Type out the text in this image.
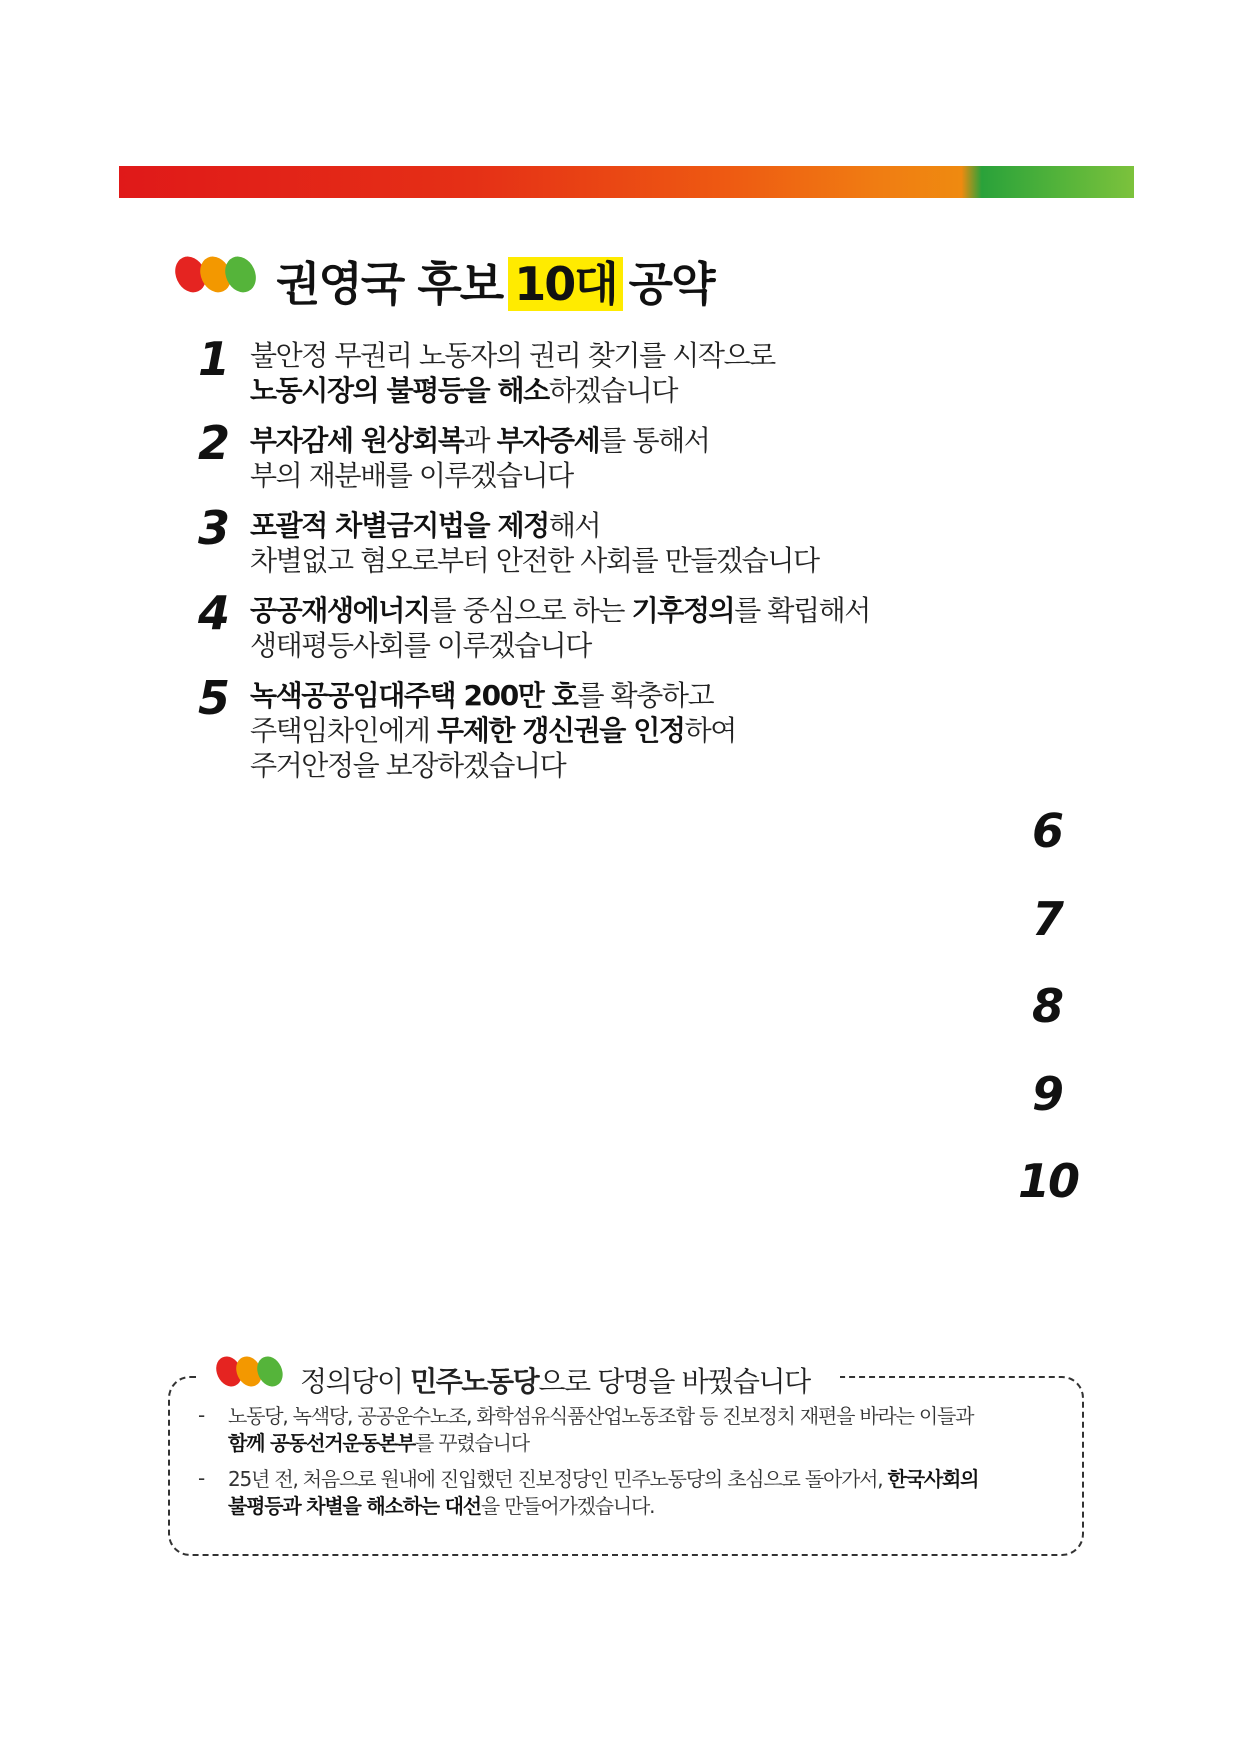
권영국 후보 10대 공약
1 불안정 무권리 노동자의 권리 찾기를 시작으로
노동시장의 불평등을 해소하겠습니다
2 부자감세 원상회복과 부자증세를 통해서
부의 재분배를 이루겠습니다
3 포괄적 차별금지법을 제정해서
차별없고 혐오로부터 안전한 사회를 만들겠습니다
4 공공재생에너지를 중심으로 하는 기후정의를 확립해서
생태평등사회를 이루겠습니다
5 녹색공공임대주택 200만 호를 확충하고
주택임차인에게 무제한 갱신권을 인정하여
주거안정을 보장하겠습니다
6
7
8
9
10
정의당이 민주노동당으로 당명을 바꿨습니다
- 노동당, 녹색당, 공공운수노조, 화학섬유식품산업노동조합 등 진보정치 재편을 바라는 이들과
함께 공동선거운동본부를 꾸렸습니다
- 25년 전, 처음으로 원내에 진입했던 진보정당인 민주노동당의 초심으로 돌아가서, 한국사회의
불평등과 차별을 해소하는 대선을 만들어가겠습니다.
